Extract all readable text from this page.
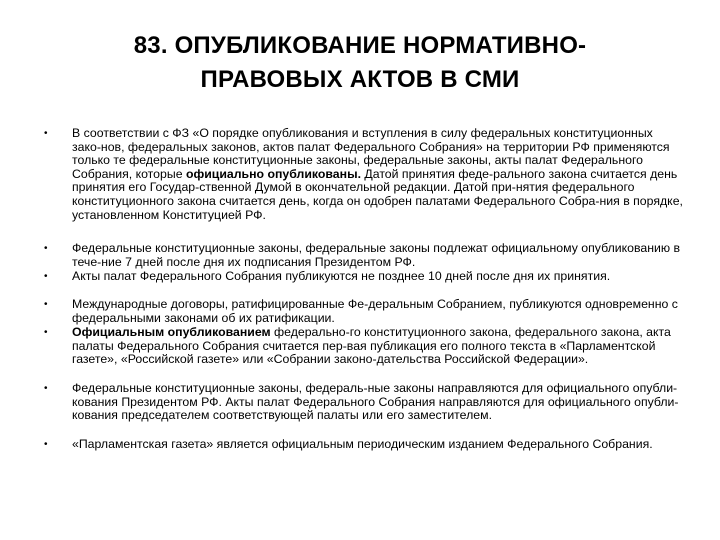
83. ОПУБЛИКОВАНИЕ НОРМАТИВНО-
ПРАВОВЫХ АКТОВ В СМИ
• В соответствии с ФЗ «О порядке опубликования и вступления в силу федеральных конституционных зако-нов, федеральных законов, актов палат Федерального Собрания» на территории РФ применяются только те федеральные конституционные законы, федеральные законы, акты палат Федерального Собрания, которые официально опубликованы. Датой принятия феде-рального закона считается день принятия его Государ-ственной Думой в окончательной редакции. Датой при-нятия федерального конституционного закона считается день, когда он одобрен палатами Федерального Собра-ния в порядке, установленном Конституцией РФ.
• Федеральные конституционные законы, федеральные законы подлежат официальному опубликованию в тече-ние 7 дней после дня их подписания Президентом РФ.
• Акты палат Федерального Собрания публикуются не позднее 10 дней после дня их принятия.
• Международные договоры, ратифицированные Фе-деральным Собранием, публикуются одновременно с федеральными законами об их ратификации.
• Официальным опубликованием федерально-го конституционного закона, федерального закона, акта палаты Федерального Собрания считается пер-вая публикация его полного текста в «Парламентской газете», «Российской газете» или «Собрании законо-дательства Российской Федерации».
• Федеральные конституционные законы, федераль-ные законы направляются для официального опубли-кования Президентом РФ. Акты палат Федерального Собрания направляются для официального опубли-кования председателем соответствующей палаты или его заместителем.
• «Парламентская газета» является официальным периодическим изданием Федерального Собрания.
